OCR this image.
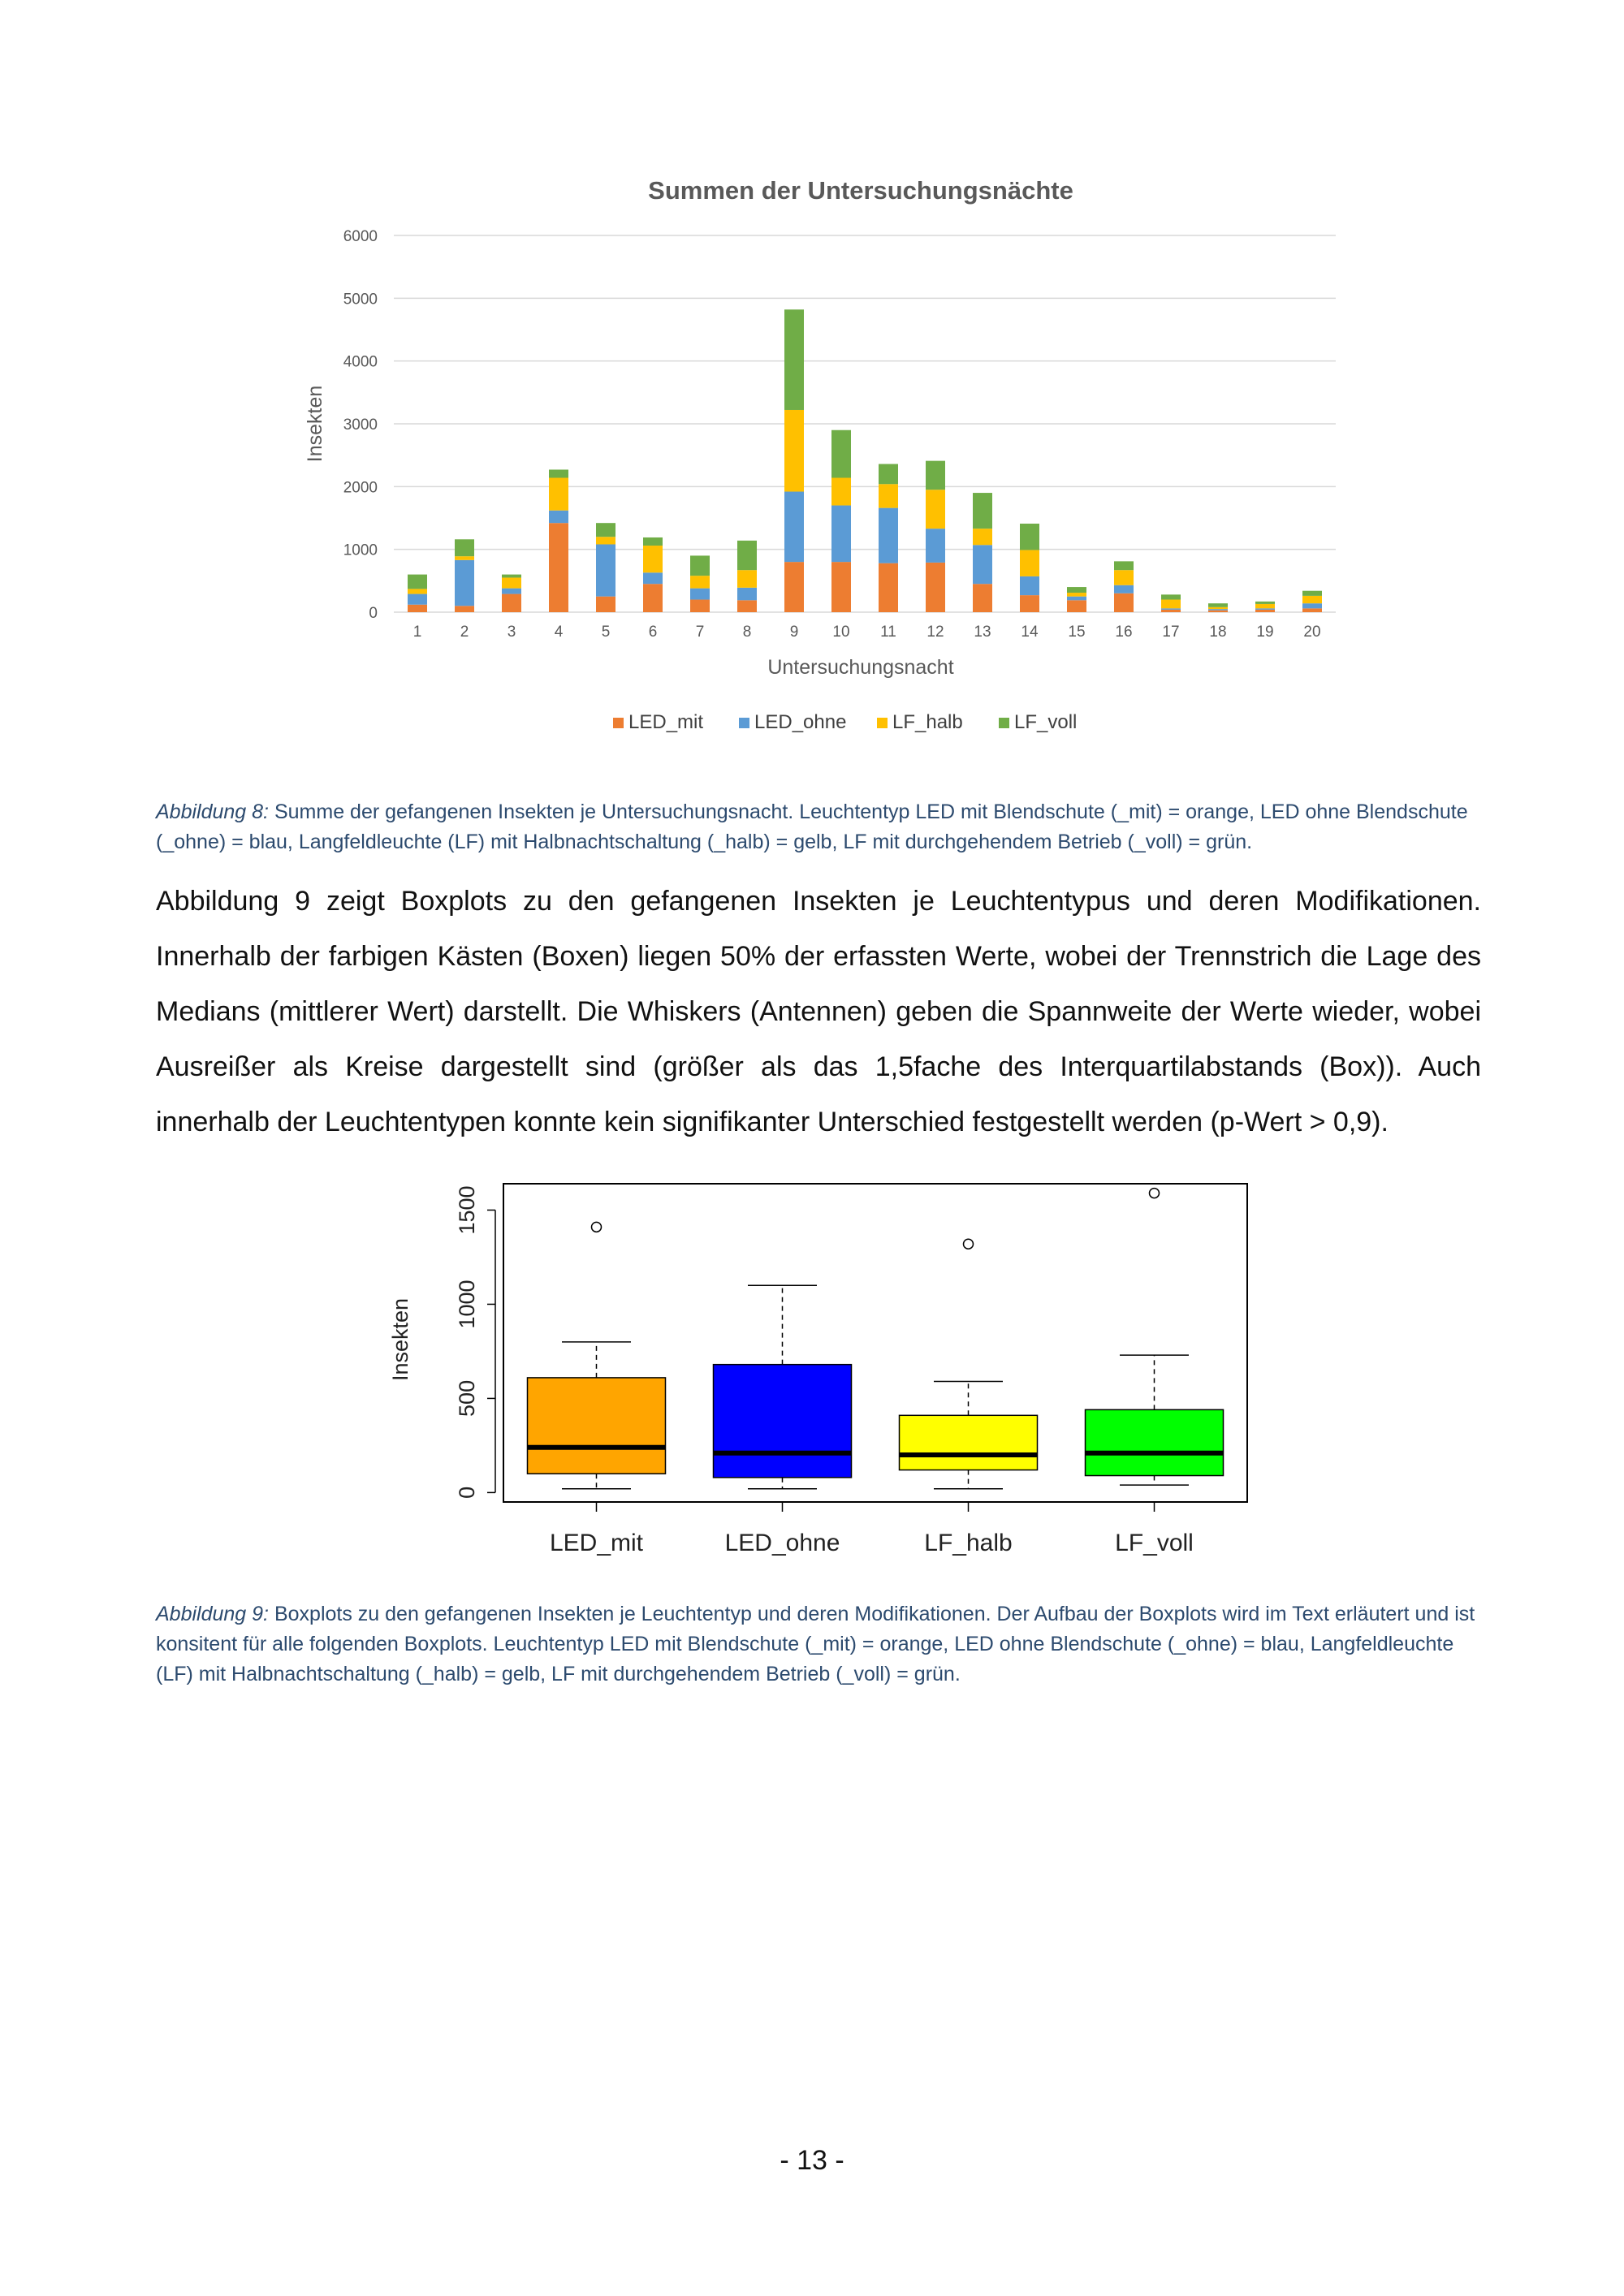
Summen der Untersuchungsnächte
0
1000
2000
3000
4000
5000
6000
1 2 3 4 5 6 7 8 9 10 11 12 13 14 15 16 17 18 19 20
Insekten
Untersuchungsnacht
LED_mit	LED_ohne LF_halb	LF_voll
Abbildung 8: Summe der gefangenen Insekten je Untersuchungsnacht. Leuchtentyp LED mit Blendschute (_mit) = orange, LED ohne Blendschute (_ohne) = blau, Langfeldleuchte (LF) mit Halbnachtschaltung (_halb) = gelb, LF mit durchgehendem Betrieb (_voll) = grün.
Abbildung 9 zeigt Boxplots zu den gefangenen Insekten je Leuchtentypus und deren Modifikationen. Innerhalb der farbigen Kästen (Boxen) liegen 50% der erfassten Werte, wobei der Trennstrich die Lage des Medians (mittlerer Wert) darstellt. Die Whiskers (Antennen) geben die Spannweite der Werte wieder, wobei Ausreißer als Kreise dargestellt sind (größer als das 1,5fache des Interquartilabstands (Box)). Auch innerhalb der Leuchtentypen konnte kein signifikanter Unterschied festgestellt werden (p-Wert > 0,9).
0
500
1000
1500
LED_mit	LED_ohne	LF_halb	LF_voll
Insekten
Abbildung 9: Boxplots zu den gefangenen Insekten je Leuchtentyp und deren Modifikationen. Der Aufbau der Boxplots wird im Text erläutert und ist konsitent für alle folgenden Boxplots. Leuchtentyp LED mit Blendschute (_mit) = orange, LED ohne Blendschute (_ohne) = blau, Langfeldleuchte (LF) mit Halbnachtschaltung (_halb) = gelb, LF mit durchgehendem Betrieb (_voll) = grün.
- 13 -
